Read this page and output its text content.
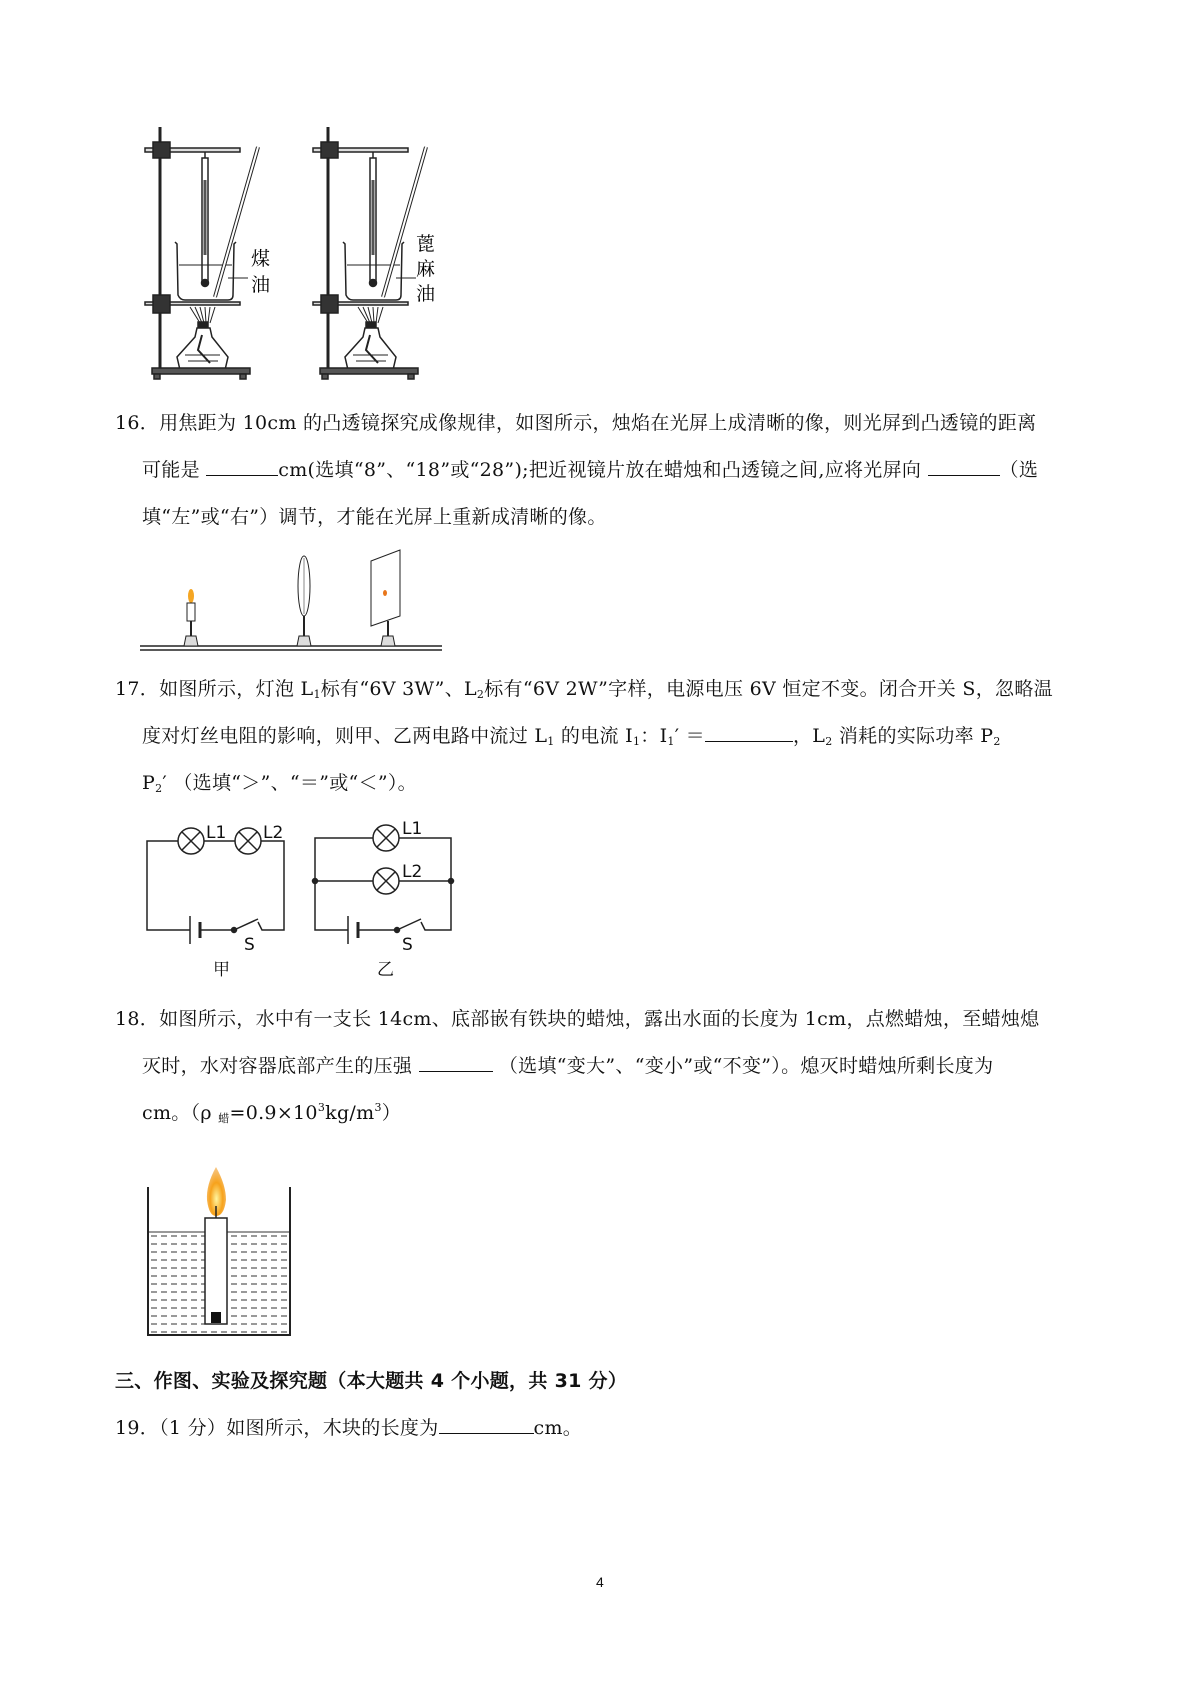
煤
油
蓖
麻
油
16．用焦距为 10cm 的凸透镜探究成像规律，如图所示，烛焰在光屏上成清晰的像，则光屏到凸透镜的距离
可能是	cm(选填“8”、“18”或“28”);把近视镜片放在蜡烛和凸透镜之间,应将光屏向	（选
填“左”或“右”）调节，才能在光屏上重新成清晰的像。
17．如图所示，灯泡 $L_1$标有“6V 3W”、$L_2$标有“6V 2W”字样，电源电压 6V 恒定不变。闭合开关 S，忽略温
度对灯丝电阻的影响，则甲、乙两电路中流过 $L_1$ 的电流 $I_1$：$I_1'$ ＝	，$L_2$ 消耗的实际功率 $P_2$
$P_2'$ （选填“＞”、“＝”或“＜”）。
L1 L2
S
甲
L1
L2
S
乙
18．如图所示，水中有一支长 14cm、底部嵌有铁块的蜡烛，露出水面的长度为 1cm，点燃蜡烛，至蜡烛熄
灭时，水对容器底部产生的压强	（选填“变大”、“变小”或“不变”）。熄灭时蜡烛所剩长度为
cm。（ρ $_蜡=0.9\times 10^3kg/m^3$）
三、作图、实验及探究题（本大题共 4 个小题，共 31 分）
19．（1 分）如图所示，木块的长度为	cm。
4
